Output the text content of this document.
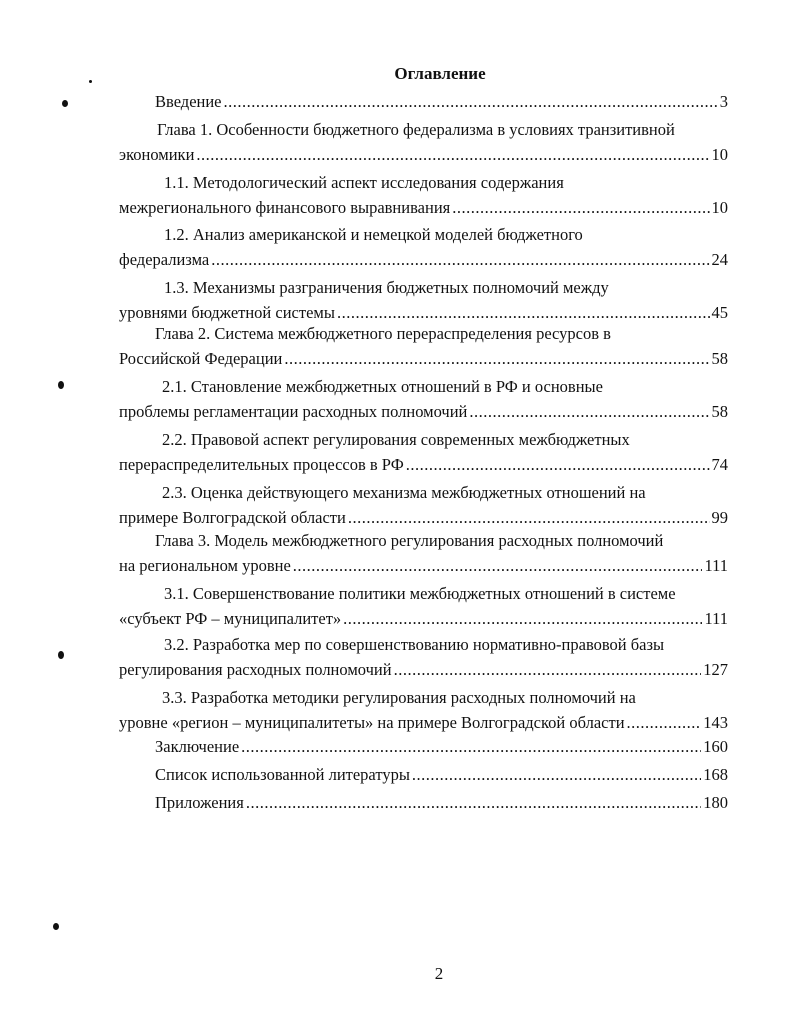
Оглавление
Введение .....	3
Глава 1. Особенности бюджетного федерализма в условиях транзитивной
экономики .....	10
1.1. Методологический аспект исследования содержания
межрегионального финансового выравнивания .....	10
1.2. Анализ американской и немецкой моделей бюджетного
федерализма .....	24
1.3. Механизмы разграничения бюджетных полномочий между
уровнями бюджетной системы .....	45
Глава 2. Система межбюджетного перераспределения ресурсов в
Российской Федерации .....	58
2.1. Становление межбюджетных отношений в РФ и основные
проблемы регламентации расходных полномочий .....	58
2.2. Правовой аспект регулирования современных межбюджетных
перераспределительных процессов в РФ .....	74
2.3. Оценка действующего механизма межбюджетных отношений на
примере Волгоградской области .....	99
Глава 3. Модель межбюджетного регулирования расходных полномочий
на региональном уровне .....	111
3.1. Совершенствование политики межбюджетных отношений в системе
«субъект РФ – муниципалитет» .....	111
3.2. Разработка мер по совершенствованию нормативно-правовой базы
регулирования расходных полномочий .....	127
3.3. Разработка методики регулирования расходных полномочий на
уровне «регион – муниципалитеты» на примере Волгоградской области .....	143
Заключение .....	160
Список использованной литературы .....	168
Приложения .....	180
2
